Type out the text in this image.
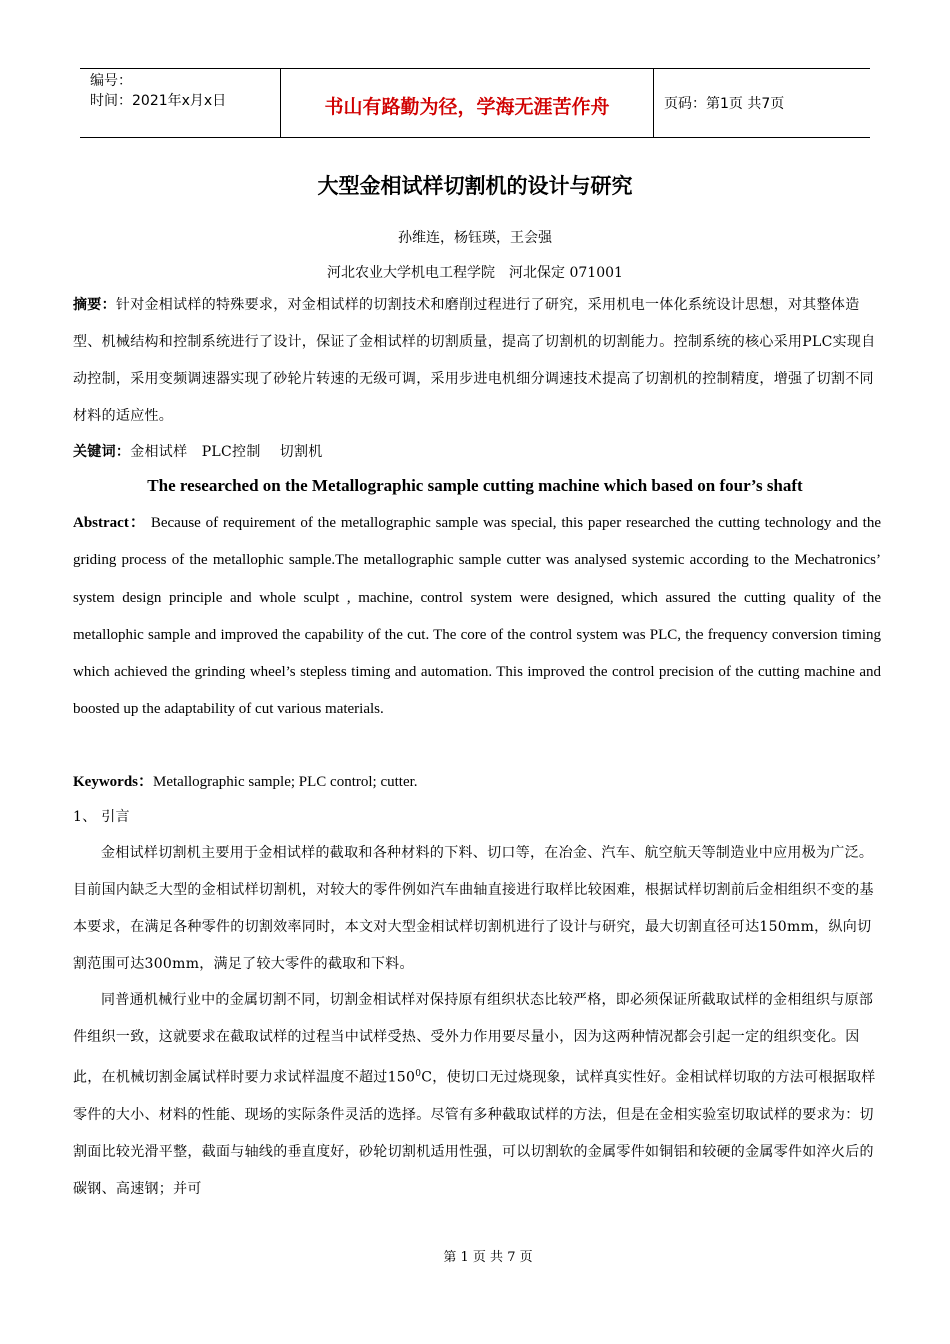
编号：
时间：2021年x月x日	书山有路勤为径，学海无涯苦作舟	页码：第1页 共7页
大型金相试样切割机的设计与研究
孙维连，杨钰瑛，王会强
河北农业大学机电工程学院　河北保定 071001
摘要：针对金相试样的特殊要求，对金相试样的切割技术和磨削过程进行了研究，采用机电一体化系统设计思想，对其整体造型、机械结构和控制系统进行了设计，保证了金相试样的切割质量，提高了切割机的切割能力。控制系统的核心采用PLC实现自动控制，采用变频调速器实现了砂轮片转速的无级可调，采用步进电机细分调速技术提高了切割机的控制精度，增强了切割不同材料的适应性。
关键词：金相试样　PLC控制　 切割机
The researched on the Metallographic sample cutting machine which based on four’s shaft
Abstract： Because of requirement of the metallographic sample was special, this paper researched the cutting technology and the griding process of the metallophic sample.The metallographic sample cutter was analysed systemic according to the Mechatronics’ system design principle and whole sculpt , machine, control system were designed, which assured the cutting quality of the metallophic sample and improved the capability of the cut. The core of the control system was PLC, the frequency conversion timing which achieved the grinding wheel’s stepless timing and automation. This improved the control precision of the cutting machine and boosted up the adaptability of cut various materials.
Keywords：Metallographic sample; PLC control; cutter.
1、 引言
金相试样切割机主要用于金相试样的截取和各种材料的下料、切口等，在冶金、汽车、航空航天等制造业中应用极为广泛。目前国内缺乏大型的金相试样切割机，对较大的零件例如汽车曲轴直接进行取样比较困难，根据试样切割前后金相组织不变的基本要求，在满足各种零件的切割效率同时，本文对大型金相试样切割机进行了设计与研究，最大切割直径可达150mm，纵向切割范围可达300mm，满足了较大零件的截取和下料。
同普通机械行业中的金属切割不同，切割金相试样对保持原有组织状态比较严格，即必须保证所截取试样的金相组织与原部件组织一致，这就要求在截取试样的过程当中试样受热、受外力作用要尽量小，因为这两种情况都会引起一定的组织变化。因此，在机械切割金属试样时要力求试样温度不超过$150^0C$，使切口无过烧现象，试样真实性好。金相试样切取的方法可根据取样零件的大小、材料的性能、现场的实际条件灵活的选择。尽管有多种截取试样的方法，但是在金相实验室切取试样的要求为：切割面比较光滑平整，截面与轴线的垂直度好，砂轮切割机适用性强，可以切割软的金属零件如铜铝和较硬的金属零件如淬火后的碳钢、高速钢；并可
第 1 页 共 7 页
